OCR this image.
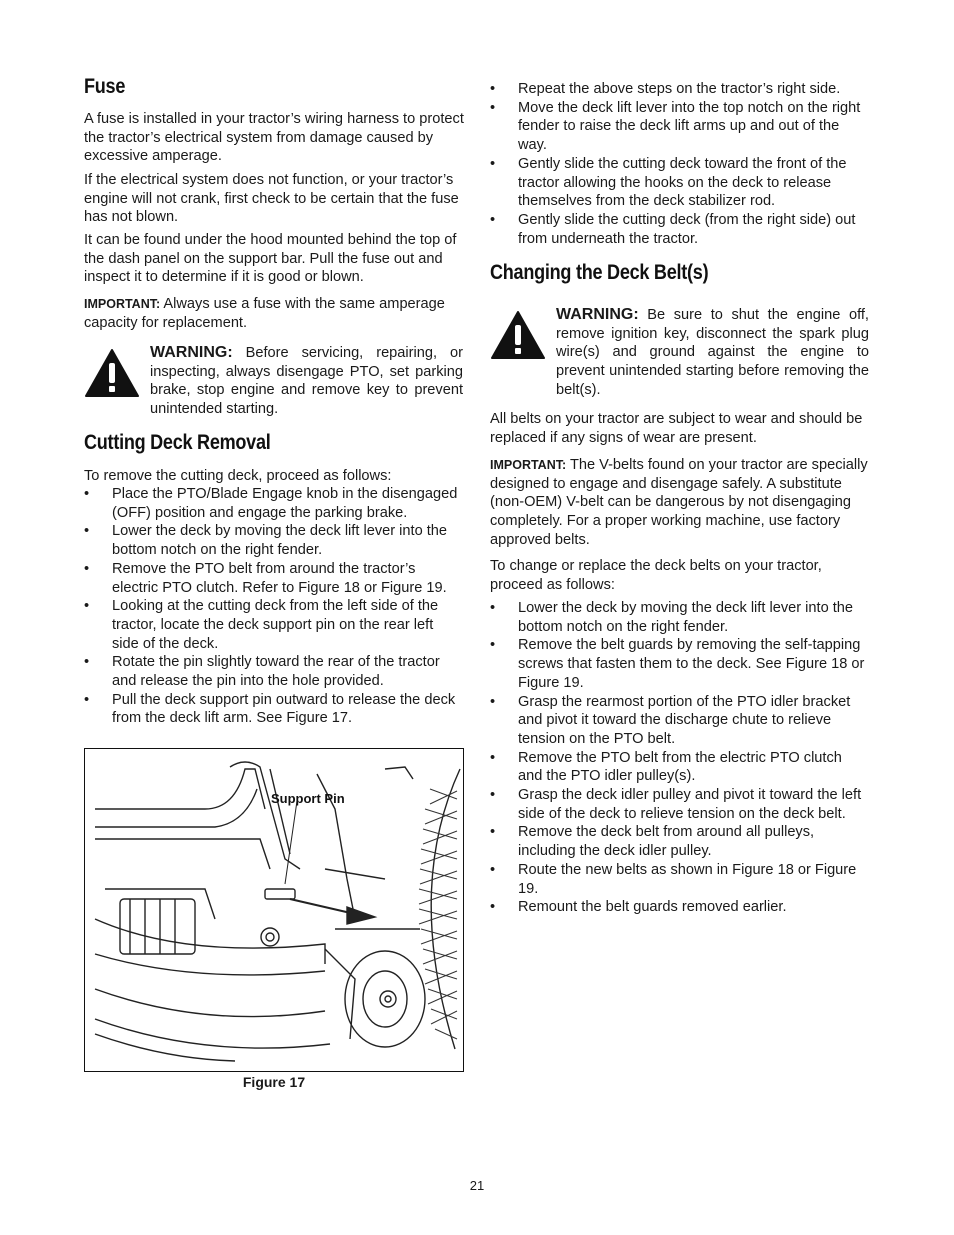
Fuse

A fuse is installed in your tractor’s wiring harness to protect the tractor’s electrical system from damage caused by excessive amperage.

If the electrical system does not function, or your tractor’s engine will not crank, first check to be certain that the fuse has not blown.

It can be found under the hood mounted behind the top of the dash panel on the support bar. Pull the fuse out and inspect it to determine if it is good or blown.

IMPORTANT: Always use a fuse with the same amperage capacity for replacement.

WARNING: Before servicing, repairing, or inspecting, always disengage PTO, set parking brake, stop engine and remove key to prevent unintended starting.

Cutting Deck Removal

To remove the cutting deck, proceed as follows:

• Place the PTO/Blade Engage knob in the disengaged (OFF) position and engage the parking brake.
• Lower the deck by moving the deck lift lever into the bottom notch on the right fender.
• Remove the PTO belt from around the tractor’s electric PTO clutch. Refer to Figure 18 or Figure 19.
• Looking at the cutting deck from the left side of the tractor, locate the deck support pin on the rear left side of the deck.
• Rotate the pin slightly toward the rear of the tractor and release the pin into the hole provided.
• Pull the deck support pin outward to release the deck from the deck lift arm. See Figure 17.
Support Pin
Figure 17
• Repeat the above steps on the tractor’s right side.
• Move the deck lift lever into the top notch on the right fender to raise the deck lift arms up and out of the way.
• Gently slide the cutting deck toward the front of the tractor allowing the hooks on the deck to release themselves from the deck stabilizer rod.
• Gently slide the cutting deck (from the right side) out from underneath the tractor.
Changing the Deck Belt(s)

WARNING: Be sure to shut the engine off, remove ignition key, disconnect the spark plug wire(s) and ground against the engine to prevent unintended starting before removing the belt(s).

All belts on your tractor are subject to wear and should be replaced if any signs of wear are present.

IMPORTANT: The V-belts found on your tractor are specially designed to engage and disengage safely. A substitute (non-OEM) V-belt can be dangerous by not disengaging completely. For a proper working machine, use factory approved belts.

To change or replace the deck belts on your tractor, proceed as follows:

• Lower the deck by moving the deck lift lever into the bottom notch on the right fender.
• Remove the belt guards by removing the self-tapping screws that fasten them to the deck. See Figure 18 or Figure 19.
• Grasp the rearmost portion of the PTO idler bracket and pivot it toward the discharge chute to relieve tension on the PTO belt.
• Remove the PTO belt from the electric PTO clutch and the PTO idler pulley(s).
• Grasp the deck idler pulley and pivot it toward the left side of the deck to relieve tension on the deck belt.
• Remove the deck belt from around all pulleys, including the deck idler pulley.
• Route the new belts as shown in Figure 18 or Figure 19.
• Remount the belt guards removed earlier.
21
